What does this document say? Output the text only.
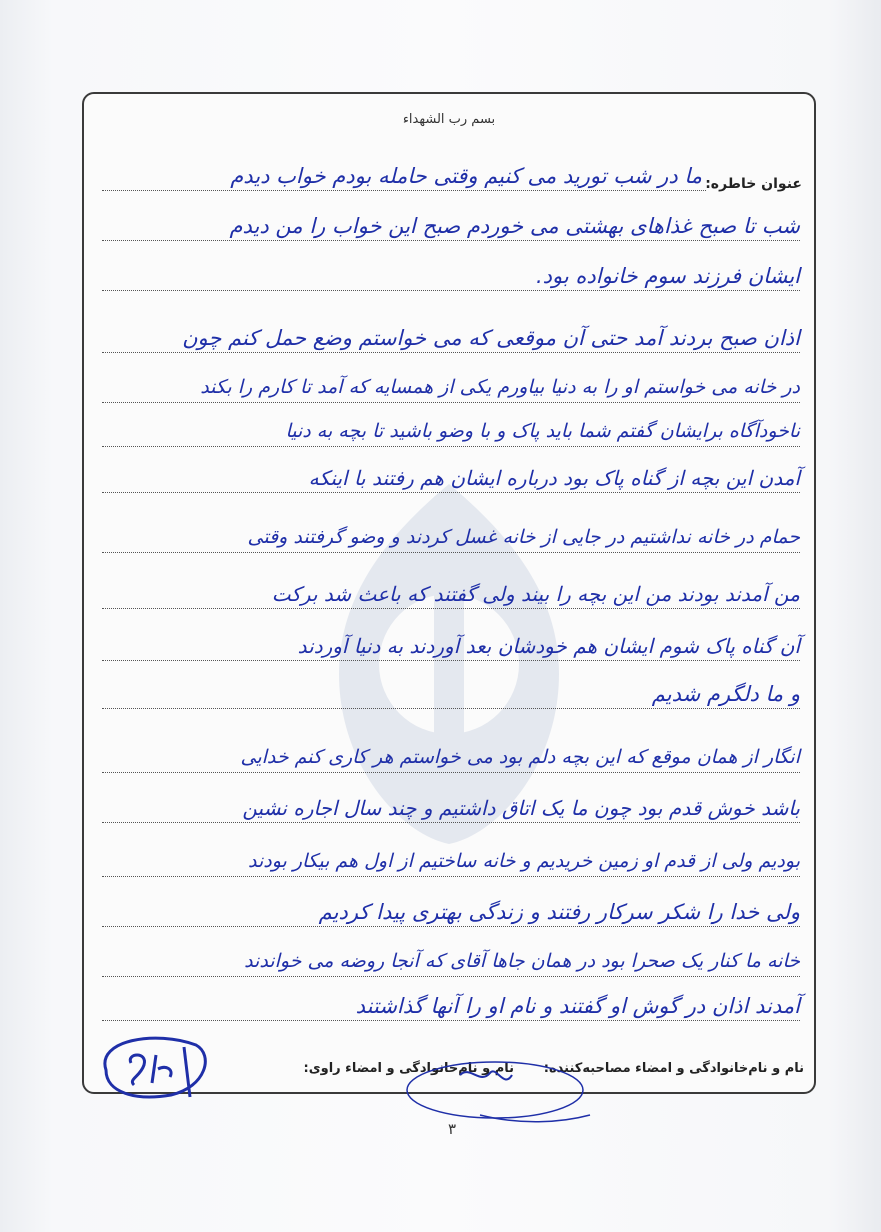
بسم رب الشهداء
عنوان خاطره:
ما در شب تورید می کنیم وقتی حامله بودم خواب دیدم
شب تا صبح غذاهای بهشتی می خوردم صبح این خواب را من دیدم
ایشان فرزند سوم خانواده بود.
اذان صبح بردند آمد حتی آن موقعی که می خواستم وضع حمل کنم چون
در خانه می خواستم او را به دنیا بیاورم یکی از همسایه که آمد تا کارم را بکند
ناخودآگاه برایشان گفتم شما باید پاک و با وضو باشید تا بچه به دنیا
آمدن این بچه از گناه پاک بود درباره ایشان هم رفتند با اینکه
حمام در خانه نداشتیم در جایی از خانه غسل کردند و وضو گرفتند وقتی
من آمدند بودند من این بچه را بیند ولی گفتند که باعث شد برکت
آن گناه پاک شوم ایشان هم خودشان بعد آوردند به دنیا آوردند
و ما دلگرم شدیم
انگار از همان موقع که این بچه دلم بود می خواستم هر کاری کنم خدایی
باشد خوش قدم بود چون ما یک اتاق داشتیم و چند سال اجاره نشین
بودیم ولی از قدم او زمین خریدیم و خانه ساختیم از اول هم بیکار بودند
ولی خدا را شکر سرکار رفتند و زندگی بهتری پیدا کردیم
خانه ما کنار یک صحرا بود در همان جاها آقای که آنجا روضه می خواندند
آمدند اذان در گوش او گفتند و نام او را آنها گذاشتند
نام و نام‌خانوادگی و امضاء مصاحبه‌کننده:
نام و نام‌خانوادگی و امضاء راوی:
۳
